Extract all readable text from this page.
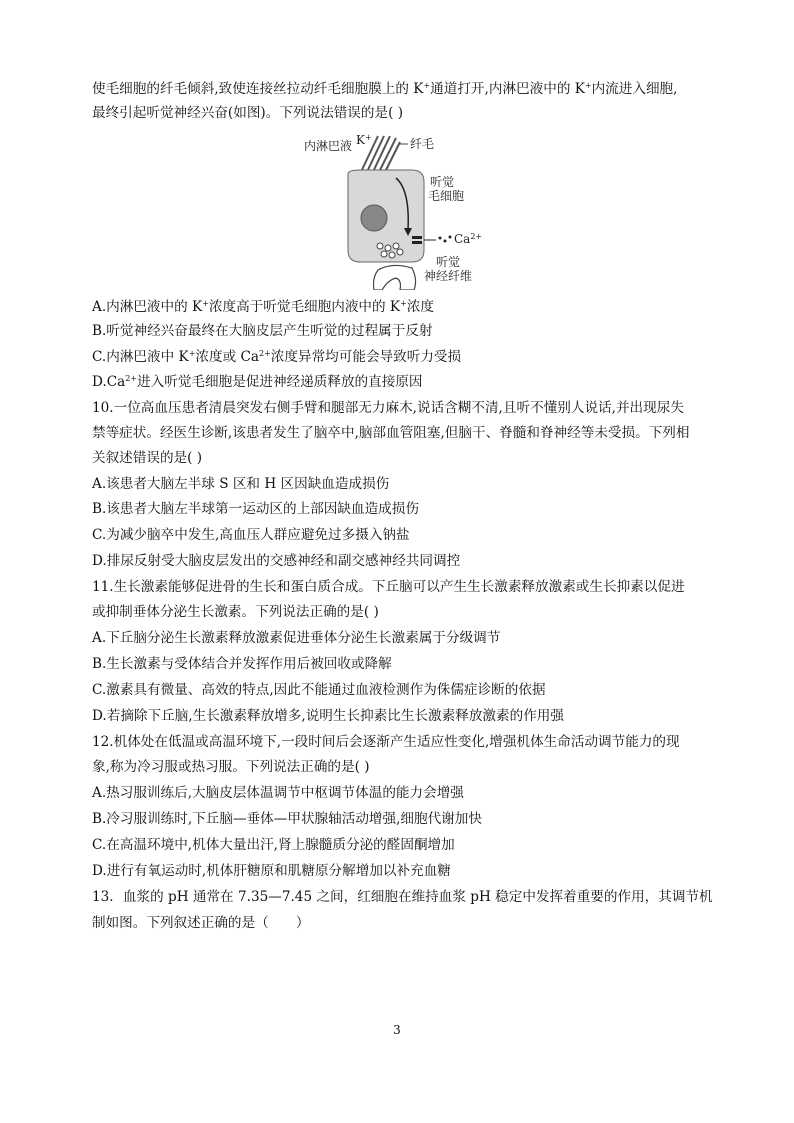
使毛细胞的纤毛倾斜,致使连接丝拉动纤毛细胞膜上的 K+通道打开,内淋巴液中的 K+内流进入细胞,
最终引起听觉神经兴奋(如图)。下列说法错误的是( )
内淋巴液 K+	纤毛
听觉
毛细胞
$Ca^{2+}$
听觉
神经纤维
A.内淋巴液中的 K+浓度高于听觉毛细胞内液中的 K+浓度
B.听觉神经兴奋最终在大脑皮层产生听觉的过程属于反射
C.内淋巴液中 K+浓度或 $Ca^{2+}$浓度异常均可能会导致听力受损
$D.Ca^{2+}$进入听觉毛细胞是促进神经递质释放的直接原因
10.一位高血压患者清晨突发右侧手臂和腿部无力麻木,说话含糊不清,且听不懂别人说话,并出现尿失
禁等症状。经医生诊断,该患者发生了脑卒中,脑部血管阻塞,但脑干、脊髓和脊神经等未受损。下列相
关叙述错误的是( )
A.该患者大脑左半球 S 区和 H 区因缺血造成损伤
B.该患者大脑左半球第一运动区的上部因缺血造成损伤
C.为减少脑卒中发生,高血压人群应避免过多摄入钠盐
D.排尿反射受大脑皮层发出的交感神经和副交感神经共同调控
11.生长激素能够促进骨的生长和蛋白质合成。下丘脑可以产生生长激素释放激素或生长抑素以促进
或抑制垂体分泌生长激素。下列说法正确的是( )
A.下丘脑分泌生长激素释放激素促进垂体分泌生长激素属于分级调节
B.生长激素与受体结合并发挥作用后被回收或降解
C.激素具有微量、高效的特点,因此不能通过血液检测作为侏儒症诊断的依据
D.若摘除下丘脑,生长激素释放增多,说明生长抑素比生长激素释放激素的作用强
12.机体处在低温或高温环境下,一段时间后会逐渐产生适应性变化,增强机体生命活动调节能力的现
象,称为冷习服或热习服。下列说法正确的是( )
A.热习服训练后,大脑皮层体温调节中枢调节体温的能力会增强
B.冷习服训练时,下丘脑—垂体—甲状腺轴活动增强,细胞代谢加快
C.在高温环境中,机体大量出汗,肾上腺髓质分泌的醛固酮增加
D.进行有氧运动时,机体肝糖原和肌糖原分解增加以补充血糖
13．血浆的 pH 通常在 7.35—7.45 之间，红细胞在维持血浆 pH 稳定中发挥着重要的作用，其调节机
制如图。下列叙述正确的是（　　）
3
